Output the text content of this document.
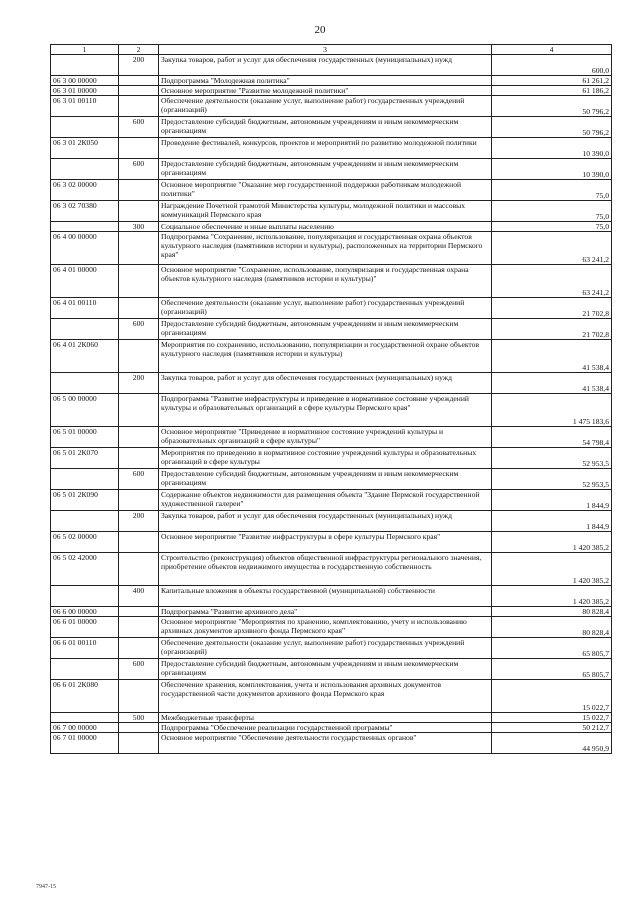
20
1	2	3	4
	200	Закупка товаров, работ и услуг для обеспечения государственных (муниципальных) нужд	600,0
06 3 00 00000		Подпрограмма "Молодежная политика"	61 261,2
06 3 01 00000		Основное мероприятие "Развитие молодежной политики"	61 186,2
06 3 01 00110		Обеспечение деятельности (оказание услуг, выполнение работ) государственных учреждений (организаций)	50 796,2
	600	Предоставление субсидий бюджетным, автономным учреждениям и иным некоммерческим организациям	50 796,2
06 3 01 2К050		Проведение фестивалей, конкурсов, проектов и мероприятий по развитию молодежной политики	10 390,0
	600	Предоставление субсидий бюджетным, автономным учреждениям и иным некоммерческим организациям	10 390,0
06 3 02 00000		Основное мероприятие "Оказание мер государственной поддержки работникам молодежной политики"	75,0
06 3 02 70380		Награждение Почетной грамотой Министерства культуры, молодежной политики и массовых коммуникаций Пермского края	75,0
	300	Социальное обеспечение и иные выплаты населению	75,0
06 4 00 00000		Подпрограмма "Сохранение, использование, популяризация и государственная охрана объектов культурного наследия (памятников истории и культуры), расположенных на территории Пермского края"	63 241,2
06 4 01 00000		Основное мероприятие "Сохранение, использование, популяризация и государственная охрана объектов культурного наследия (памятников истории и культуры)"	63 241,2
06 4 01 00110		Обеспечение деятельности (оказание услуг, выполнение работ) государственных учреждений (организаций)	21 702,8
	600	Предоставление субсидий бюджетным, автономным учреждениям и иным некоммерческим организациям	21 702,8
06 4 01 2К060		Мероприятия по сохранению, использованию, популяризации и государственной охране объектов культурного наследия (памятников истории и культуры)	41 538,4
	200	Закупка товаров, работ и услуг для обеспечения государственных (муниципальных) нужд	41 538,4
06 5 00 00000		Подпрограмма "Развитие инфраструктуры и приведение в нормативное состояние учреждений культуры и образовательных организаций в сфере культуры Пермского края"	1 475 183,6
06 5 01 00000		Основное мероприятие "Приведение в нормативное состояние учреждений культуры и образовательных организаций в сфере культуры"	54 798,4
06 5 01 2К070		Мероприятия по приведению в нормативное состояние учреждений культуры и образовательных организаций в сфере культуры	52 953,5
	600	Предоставление субсидий бюджетным, автономным учреждениям и иным некоммерческим организациям	52 953,5
06 5 01 2К090		Содержание объектов недвижимости для размещения объекта "Здание Пермской государственной художественной галереи"	1 844,9
	200	Закупка товаров, работ и услуг для обеспечения государственных (муниципальных) нужд	1 844,9
06 5 02 00000		Основное мероприятие "Развитие инфраструктуры в сфере культуры Пермского края"	1 420 385,2
06 5 02 42000		Строительство (реконструкция) объектов общественной инфраструктуры регионального значения, приобретение объектов недвижимого имущества в государственную собственность	1 420 385,2
	400	Капитальные вложения в объекты государственной (муниципальной) собственности	1 420 385,2
06 6 00 00000		Подпрограмма "Развитие архивного дела"	80 828,4
06 6 01 00000		Основное мероприятие "Мероприятия по хранению, комплектованию, учету и использованию архивных документов архивного фонда Пермского края"	80 828,4
06 6 01 00110		Обеспечение деятельности (оказание услуг, выполнение работ) государственных учреждений (организаций)	65 805,7
	600	Предоставление субсидий бюджетным, автономным учреждениям и иным некоммерческим организациям	65 805,7
06 6 01 2К080		Обеспечение хранения, комплектования, учета и использования архивных документов государственной части документов архивного фонда Пермского края	15 022,7
	500	Межбюджетные трансферты	15 022,7
06 7 00 00000		Подпрограмма "Обеспечение реализации государственной программы"	50 212,7
06 7 01 00000		Основное мероприятие "Обеспечение деятельности государственных органов"	44 950,9
7947-15
